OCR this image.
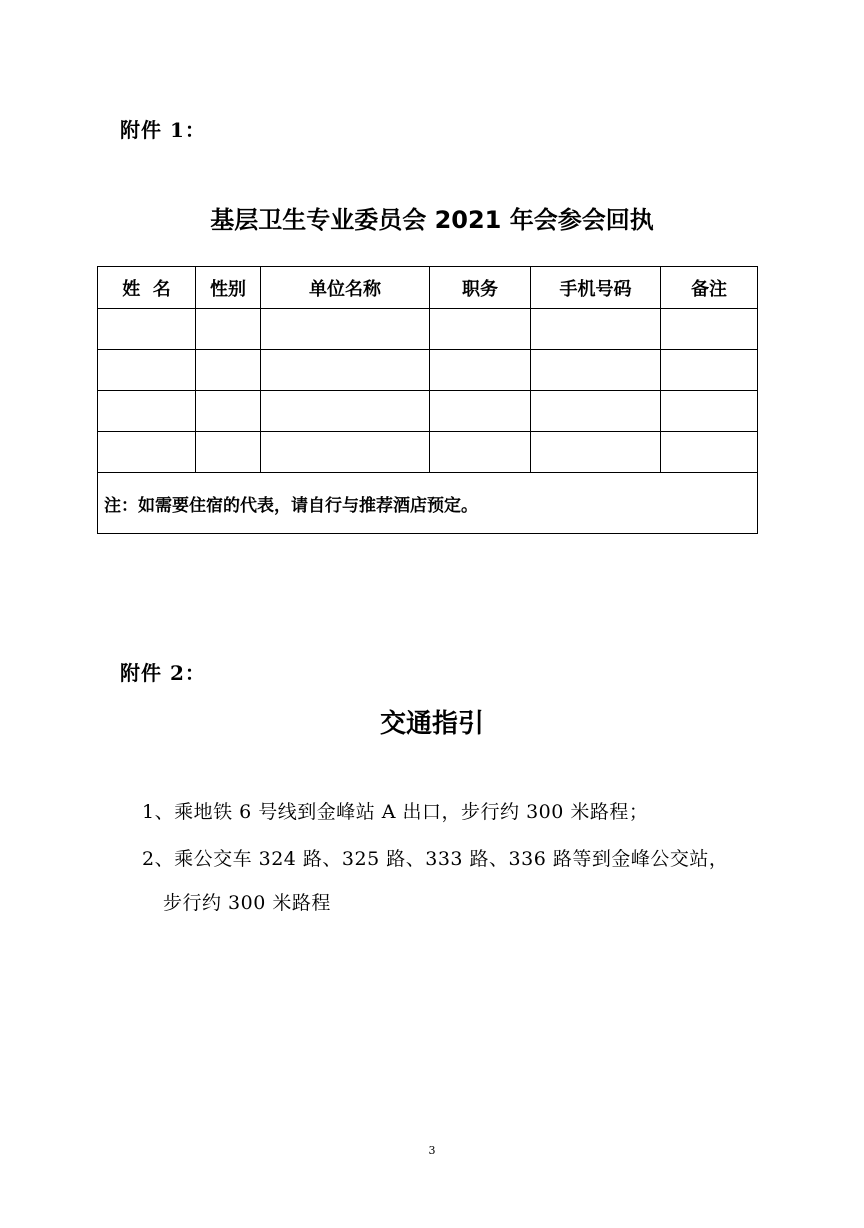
附件 1：
基层卫生专业委员会 2021 年会参会回执
姓  名	性别	单位名称	职务	手机号码	备注

注：如需要住宿的代表，请自行与推荐酒店预定。					
附件 2：
交通指引
1、乘地铁 6 号线到金峰站 A 出口，步行约 300 米路程；
2、乘公交车 324 路、325 路、333 路、336 路等到金峰公交站，
步行约 300 米路程
3
